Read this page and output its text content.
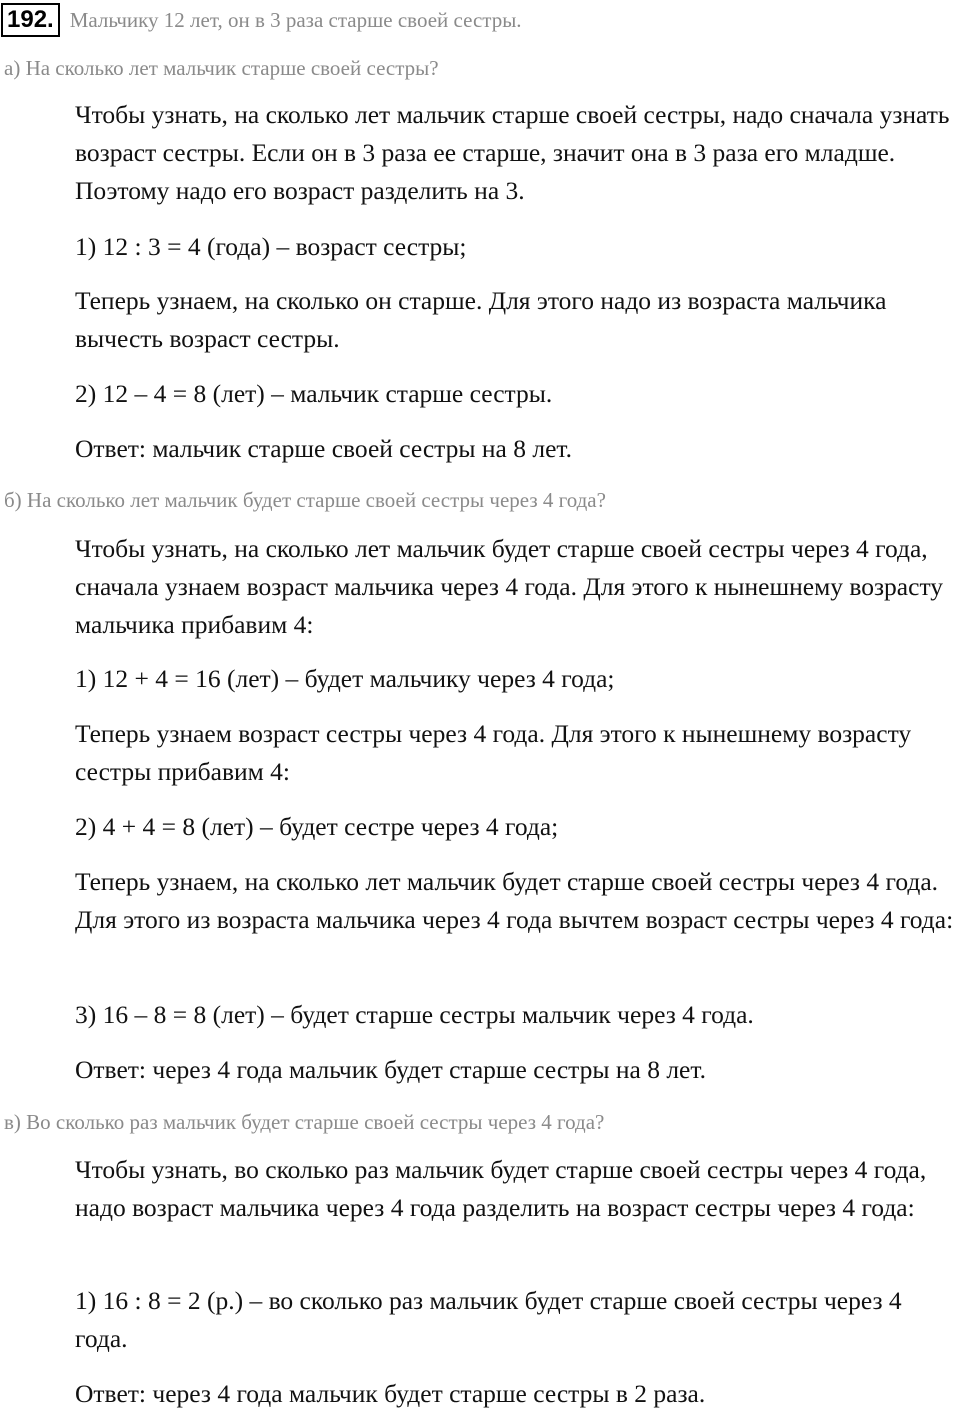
192. Мальчику 12 лет, он в 3 раза старше своей сестры.
а) На сколько лет мальчик старше своей сестры?

Чтобы узнать, на сколько лет мальчик старше своей сестры, надо сначала узнать возраст сестры. Если он в 3 раза ее старше, значит она в 3 раза его младше. Поэтому надо его возраст разделить на 3.

1) 12 : 3 = 4 (года) – возраст сестры;

Теперь узнаем, на сколько он старше. Для этого надо из возраста мальчика вычесть возраст сестры.

2) 12 – 4 = 8 (лет) – мальчик старше сестры.

Ответ: мальчик старше своей сестры на 8 лет.

б) На сколько лет мальчик будет старше своей сестры через 4 года?

Чтобы узнать, на сколько лет мальчик будет старше своей сестры через 4 года, сначала узнаем возраст мальчика через 4 года. Для этого к нынешнему возрасту мальчика прибавим 4:

1) 12 + 4 = 16 (лет) – будет мальчику через 4 года;

Теперь узнаем возраст сестры через 4 года. Для этого к нынешнему возрасту сестры прибавим 4:

2) 4 + 4 = 8 (лет) – будет сестре через 4 года;

Теперь узнаем, на сколько лет мальчик будет старше своей сестры через 4 года. Для этого из возраста мальчика через 4 года вычтем возраст сестры через 4 года:

3) 16 – 8 = 8 (лет) – будет старше сестры мальчик через 4 года.

Ответ: через 4 года мальчик будет старше сестры на 8 лет.

в) Во сколько раз мальчик будет старше своей сестры через 4 года?

Чтобы узнать, во сколько раз мальчик будет старше своей сестры через 4 года, надо возраст мальчика через 4 года разделить на возраст сестры через 4 года:

1) 16 : 8 = 2 (р.) – во сколько раз мальчик будет старше своей сестры через 4 года.

Ответ: через 4 года мальчик будет старше сестры в 2 раза.
